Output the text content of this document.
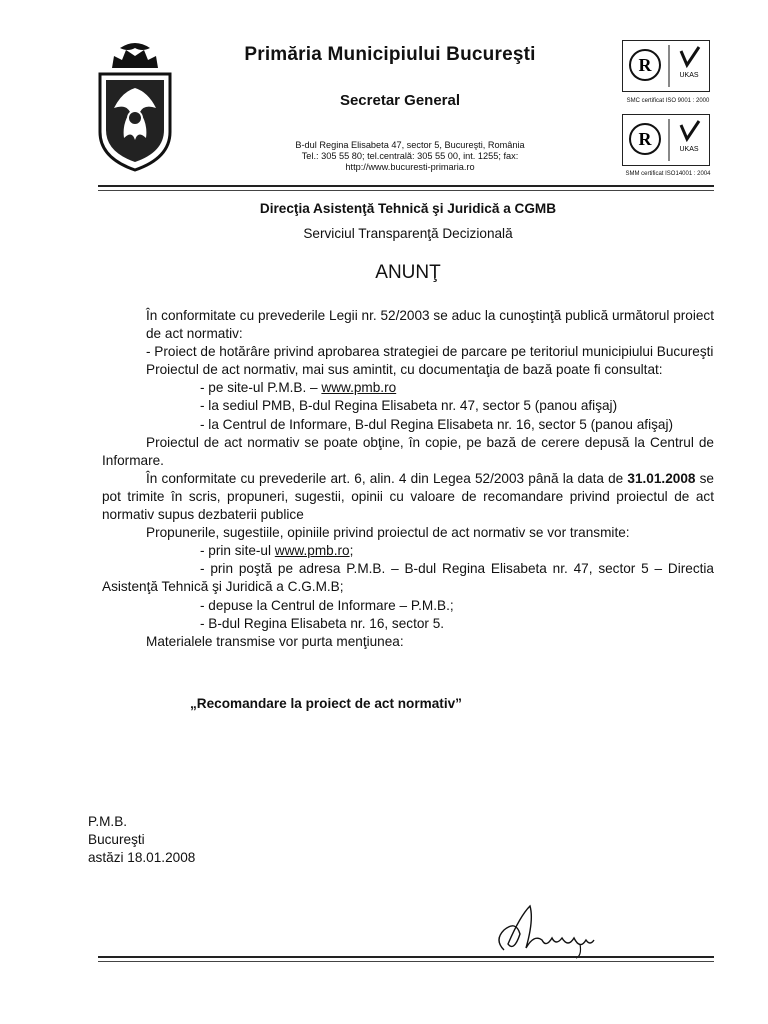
Primăria Municipiului Bucureşti
Secretar General
B-dul Regina Elisabeta 47, sector 5, Bucureşti, România
Tel.: 305 55 80; tel.centrală: 305 55 00, int. 1255; fax:
http://www.bucuresti-primaria.ro
R
UKAS
SMC certificat ISO 9001 : 2000
R
UKAS
SMM certificat ISO14001 : 2004
Direcţia Asistenţă Tehnică şi Juridică a CGMB
Serviciul Transparenţă Decizională
ANUNŢ

În conformitate cu prevederile Legii nr. 52/2003 se aduc la cunoştinţă publică următorul proiect de act normativ:

- Proiect de hotărâre privind aprobarea strategiei de parcare pe teritoriul municipiului Bucureşti

Proiectul de act normativ, mai sus amintit, cu documentaţia de bază poate fi consultat:

- pe site-ul P.M.B. – www.pmb.ro

- la sediul PMB, B-dul Regina Elisabeta nr. 47, sector 5 (panou afişaj)

- la Centrul de Informare, B-dul Regina Elisabeta nr. 16, sector 5 (panou afişaj)

Proiectul de act normativ se poate obţine, în copie, pe bază de cerere depusă la Centrul de Informare.

În conformitate cu prevederile art. 6, alin. 4 din Legea 52/2003 până la data de 31.01.2008 se pot trimite în scris, propuneri, sugestii, opinii cu valoare de recomandare privind proiectul de act normativ supus dezbaterii publice

Propunerile, sugestiile, opiniile privind proiectul de act normativ se vor transmite:

- prin site-ul www.pmb.ro;

- prin poştă pe adresa P.M.B. – B-dul Regina Elisabeta nr. 47, sector 5 – Directia Asistenţă Tehnică şi Juridică a C.G.M.B;

- depuse la Centrul de Informare – P.M.B.;

- B-dul Regina Elisabeta nr. 16, sector 5.

Materialele transmise vor purta menţiunea:

„Recomandare la proiect de act normativ”
P.M.B.
Bucureşti
astăzi 18.01.2008
